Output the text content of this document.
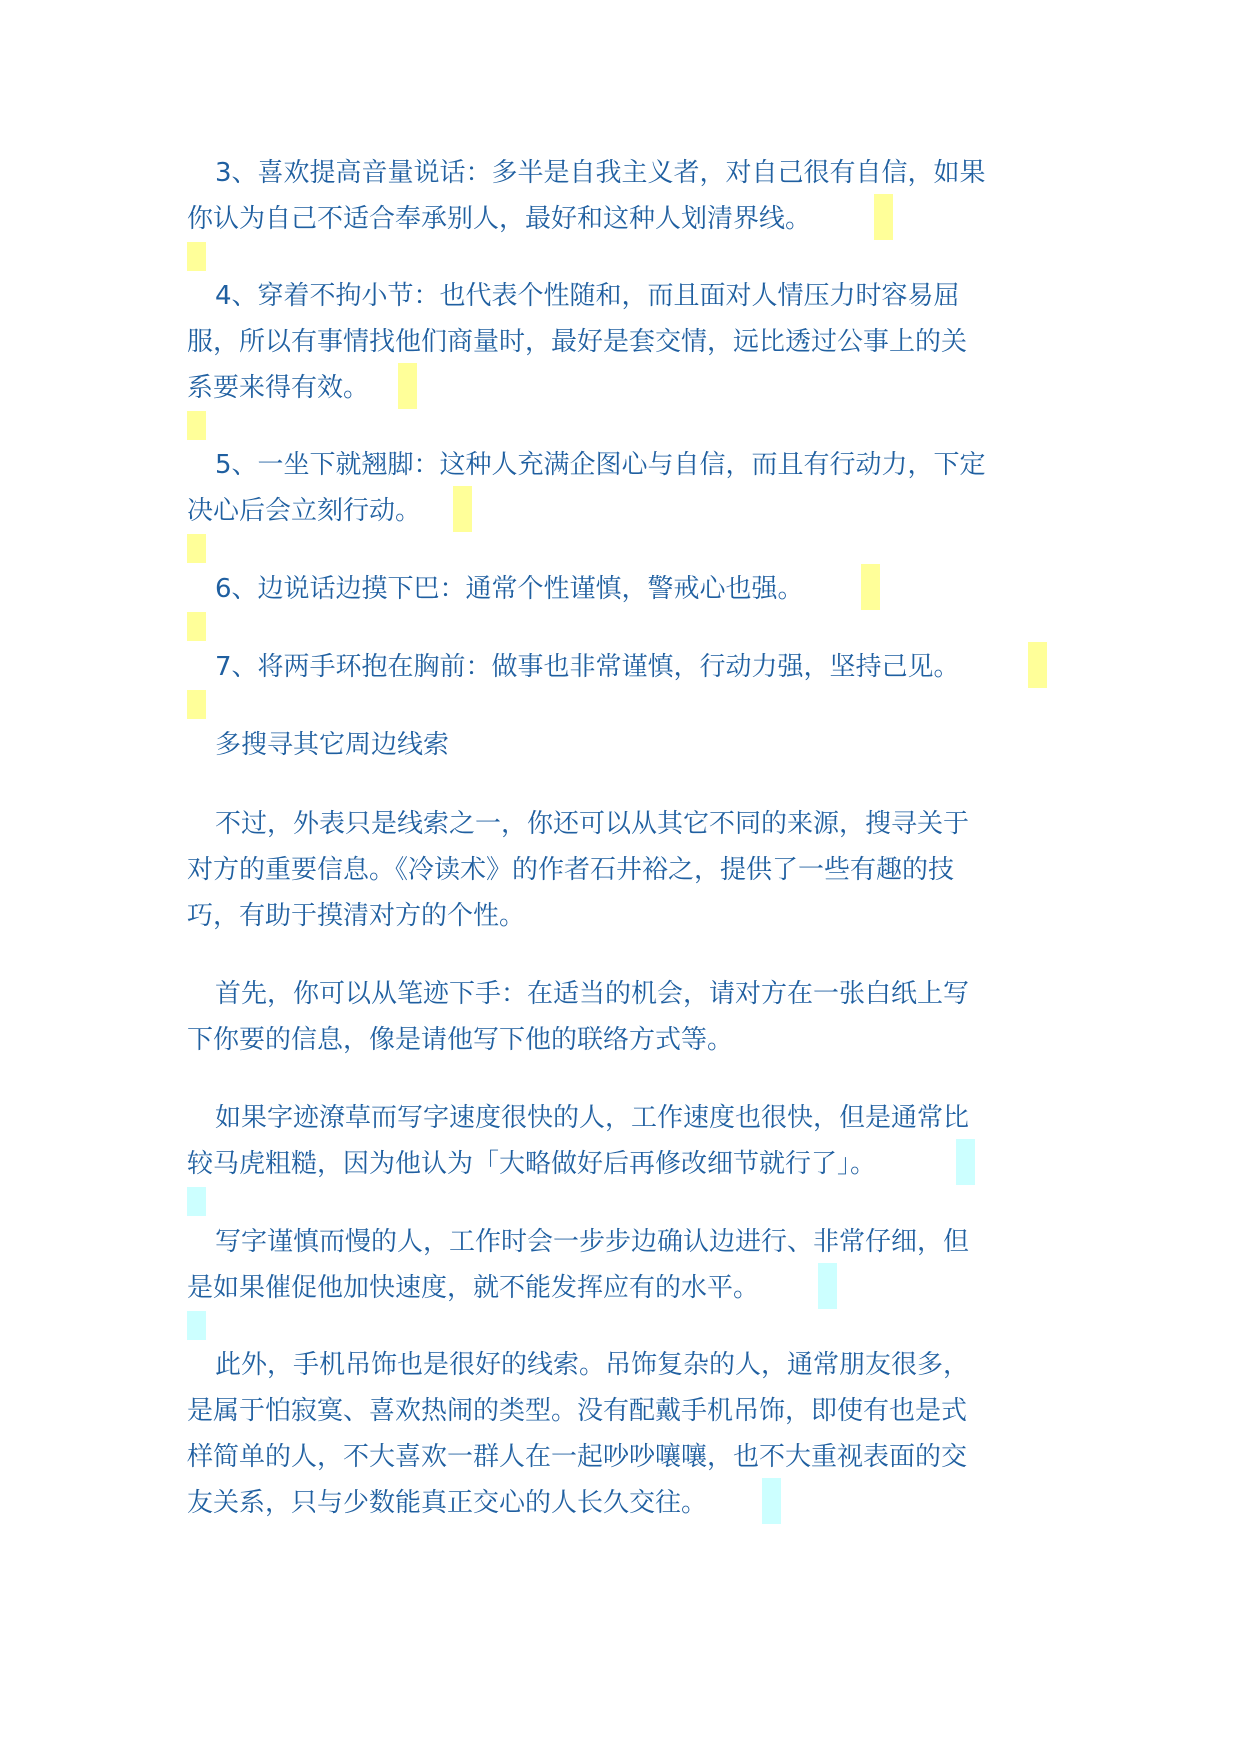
3、喜欢提高音量说话：多半是自我主义者，对自己很有自信，如果
你认为自己不适合奉承别人，最好和这种人划清界线。
4、穿着不拘小节：也代表个性随和，而且面对人情压力时容易屈
服，所以有事情找他们商量时，最好是套交情，远比透过公事上的关
系要来得有效。
5、一坐下就翘脚：这种人充满企图心与自信，而且有行动力，下定
决心后会立刻行动。
6、边说话边摸下巴：通常个性谨慎，警戒心也强。
7、将两手环抱在胸前：做事也非常谨慎，行动力强，坚持己见。
多搜寻其它周边线索
不过，外表只是线索之一，你还可以从其它不同的来源，搜寻关于
对方的重要信息。《冷读术》的作者石井裕之，提供了一些有趣的技
巧，有助于摸清对方的个性。
首先，你可以从笔迹下手：在适当的机会，请对方在一张白纸上写
下你要的信息，像是请他写下他的联络方式等。
如果字迹潦草而写字速度很快的人，工作速度也很快，但是通常比
较马虎粗糙，因为他认为「大略做好后再修改细节就行了」。
写字谨慎而慢的人，工作时会一步步边确认边进行、非常仔细，但
是如果催促他加快速度，就不能发挥应有的水平。
此外，手机吊饰也是很好的线索。吊饰复杂的人，通常朋友很多，
是属于怕寂寞、喜欢热闹的类型。没有配戴手机吊饰，即使有也是式
样简单的人，不大喜欢一群人在一起吵吵嚷嚷，也不大重视表面的交
友关系，只与少数能真正交心的人长久交往。
